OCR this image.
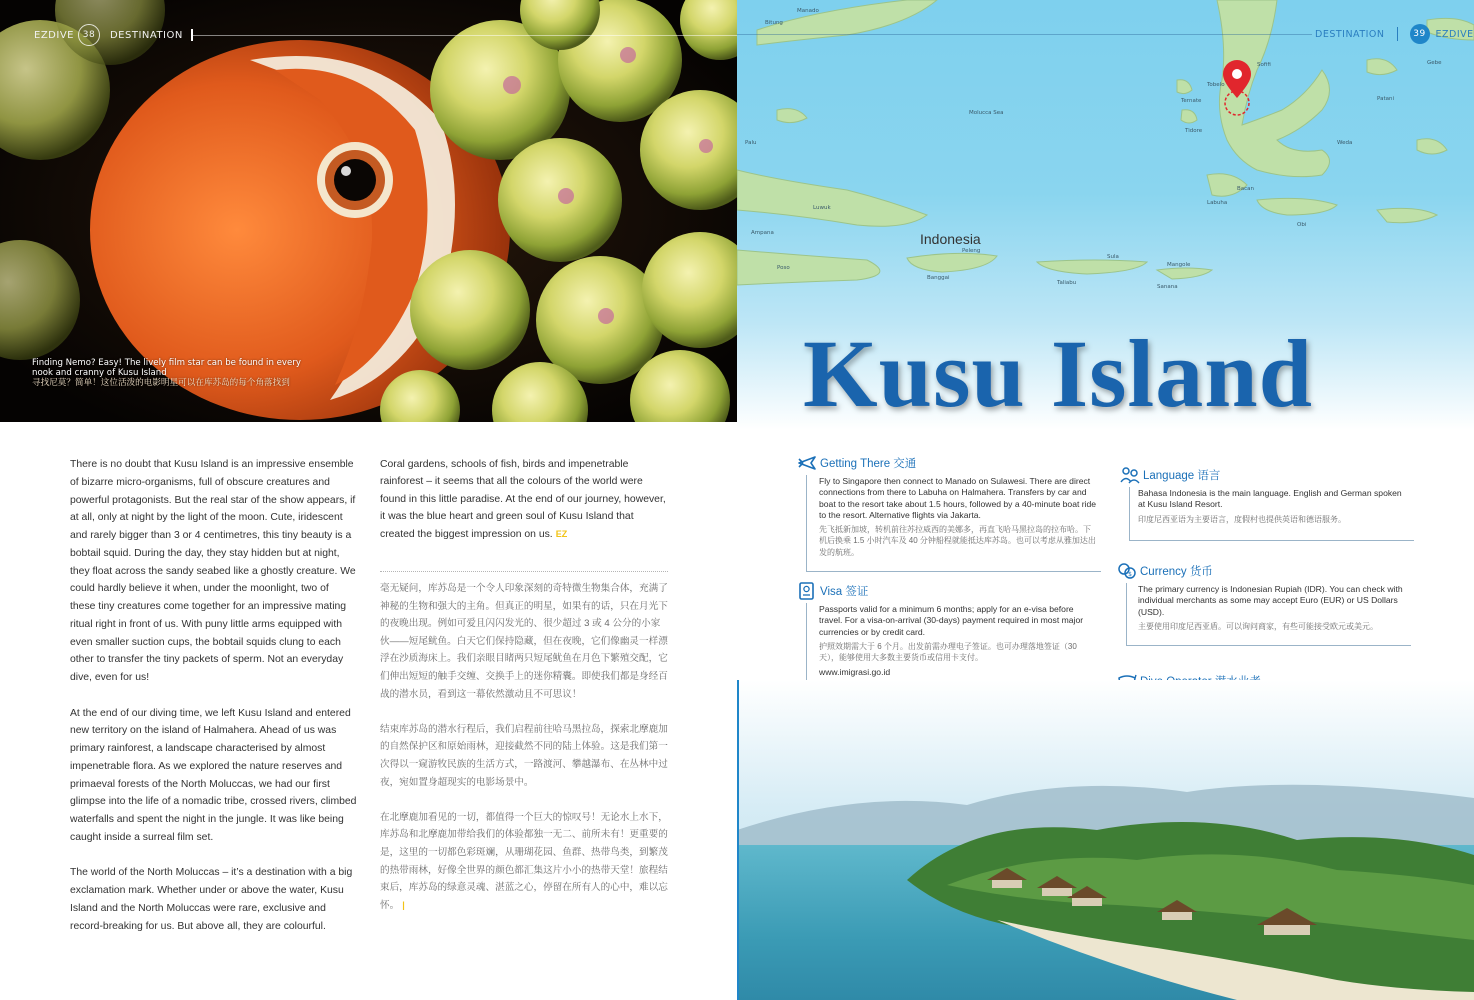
EZDIVE 38	DESTINATION
Finding Nemo? Easy! The lively film star can be found in every nook and cranny of Kusu Island
寻找尼莫？简单！这位活泼的电影明星可以在库苏岛的每个角落找到

There is no doubt that Kusu Island is an impressive ensemble of bizarre micro-organisms, full of obscure creatures and powerful protagonists. But the real star of the show appears, if at all, only at night by the light of the moon. Cute, iridescent and rarely bigger than 3 or 4 centimetres, this tiny beauty is a bobtail squid. During the day, they stay hidden but at night, they float across the sandy seabed like a ghostly creature. We could hardly believe it when, under the moonlight, two of these tiny creatures come together for an impressive mating ritual right in front of us. With puny little arms equipped with even smaller suction cups, the bobtail squids clung to each other to transfer the tiny packets of sperm. Not an everyday dive, even for us!

At the end of our diving time, we left Kusu Island and entered new territory on the island of Halmahera. Ahead of us was primary rainforest, a landscape characterised by almost impenetrable flora. As we explored the nature reserves and primaeval forests of the North Moluccas, we had our first glimpse into the life of a nomadic tribe, crossed rivers, climbed waterfalls and spent the night in the jungle. It was like being caught inside a surreal film set.

The world of the North Moluccas – it’s a destination with a big exclamation mark. Whether under or above the water, Kusu Island and the North Moluccas were rare, exclusive and record-breaking for us. But above all, they are colourful.

Coral gardens, schools of fish, birds and impenetrable rainforest – it seems that all the colours of the world were found in this little paradise. At the end of our journey, however, it was the blue heart and green soul of Kusu Island that created the biggest impression on us. EZ

毫无疑问，库苏岛是一个令人印象深刻的奇特微生物集合体，充满了神秘的生物和强大的主角。但真正的明星，如果有的话，只在月光下的夜晚出现。例如可爱且闪闪发光的、很少超过 3 或 4 公分的小家伙——短尾鱿鱼。白天它们保持隐藏，但在夜晚，它们像幽灵一样漂浮在沙质海床上。我们亲眼目睹两只短尾鱿鱼在月色下繁殖交配，它们伸出短短的触手交缠、交换手上的迷你精囊。即使我们都是身经百战的潜水员，看到这一幕依然激动且不可思议！

结束库苏岛的潜水行程后，我们启程前往哈马黑拉岛，探索北摩鹿加的自然保护区和原始雨林，迎接截然不同的陆上体验。这是我们第一次得以一窥游牧民族的生活方式，一路渡河、攀越瀑布、在丛林中过夜，宛如置身超现实的电影场景中。

在北摩鹿加看见的一切，都值得一个巨大的惊叹号！无论水上水下，库苏岛和北摩鹿加带给我们的体验都独一无二、前所未有！更重要的是，这里的一切都色彩斑斓，从珊瑚花园、鱼群、热带鸟类，到繁茂的热带雨林，好像全世界的颜色都汇集这片小小的热带天堂！旅程结束后，库苏岛的绿意灵魂、湛蓝之心，停留在所有人的心中，难以忘怀。 |

Indonesia
Molucca Sea
Tobelo
Bitung
Manado
Ternate
Tidore
Sofifi
Labuha
Obi
Sanana
Taliabu
Bacan
Luwuk
Ampana
Palu
Poso
Banggai
Peleng
Sula
Mangole
Weda
Patani
Gebe
DESTINATION	39	EZDIVE
Kusu Island
Getting There 交通
Fly to Singapore then connect to Manado on Sulawesi. There are direct connections from there to Labuha on Halmahera. Transfers by car and boat to the resort take about 1.5 hours, followed by a 40-minute boat ride to the resort. Alternative flights via Jakarta.
先飞抵新加坡，转机前往苏拉威西的美娜多，再直飞哈马黑拉岛的拉布哈。下机后换乘 1.5 小时汽车及 40 分钟船程就能抵达库苏岛。也可以考虑从雅加达出发的航班。
Visa 签证
Passports valid for a minimum 6 months; apply for an e-visa before travel. For a visa-on-arrival (30-days) payment required in most major currencies or by credit card.
护照效期需大于 6 个月。出发前需办理电子签证。也可办理落地签证（30 天），能够使用大多数主要货币或信用卡支付。
www.imigrasi.go.id
Language 语言
Bahasa Indonesia is the main language. English and German spoken at Kusu Island Resort.
印度尼西亚语为主要语言，度假村也提供英语和德语服务。
$ Currency 货币
The primary currency is Indonesian Rupiah (IDR). You can check with individual merchants as some may accept Euro (EUR) or US Dollars (USD).
主要使用印度尼西亚盾。可以询问商家，有些可能接受欧元或美元。
